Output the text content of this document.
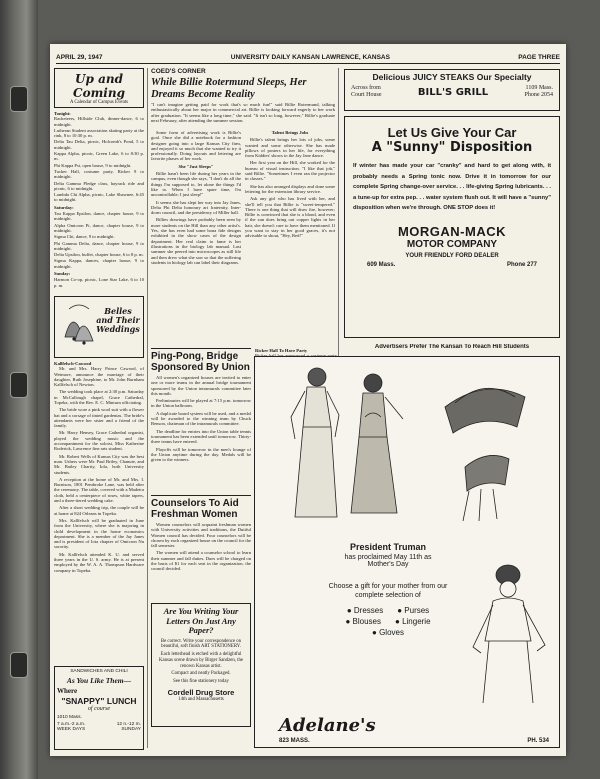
APRIL 29, 1947	UNIVERSITY DAILY KANSAN LAWRENCE, KANSAS	PAGE THREE
Up and Coming
A Calendar of Campus Events
Tonight:
Racketeers, Hillside Club, dinner-dance, 6 to midnight.
Lutheran Student association skating party at the rink, 8 to 10:30 p. m.
Delta Tau Delta, picnic, Holcomb's Pond, 5 to midnight.
Kappa Alpha, picnic, Green Lake, 6 to 8:30 p. m.
Phi Kappa Psi, open house, 9 to midnight.
Tucker Hall, costume party, Ricker 9 to midnight.
Delta Gamma Pledge class, hayrack ride and picnic, 6 to midnight.
Lambda Chi Alpha, picnic, Lake Shawnee, 6:45 to midnight.
Saturday:
Tau Kappa Epsilon, dance, chapter house, 9 to midnight.
Alpha Omicron Pi, dance, chapter house, 9 to midnight.
Sigma Chi, dance, 9 to midnight.
Phi Gamma Delta, dance, chapter house, 9 to midnight.
Delta Upsilon, buffet, chapter house, 6 to 8 p. m.
Sigma Kappa, dances, chapter house, 9 to midnight.
Sunday:
Harmon Co-op, picnic, Lone Star Lake, 6 to 10 p. m.
Belles and Their Weddings
Kallfelsch-Cawood
Mr. and Mrs. Harry Prince Cawood, of Wetmore, announce the marriage of their daughter, Ruth Josephine, to Mr. John Burnham Kallfelsch of Newton.
The wedding took place at 2:30 p.m. Saturday in McCullough chapel, Grace Cathedral, Topeka, with the Rev. E. C. Minturn officiating.
The bride wore a pink wool suit with a flower hat and a corsage of tinted gardenias. The bride's attendants were her sister and a friend of the family.
Mr. Harry Hensey, Grace Cathedral organist, played the wedding music and the accompaniment for the soloist, Miss Katherine Roderick, Lawrence fine arts student.
Mr. Robert Wells of Kansas City was the best man. Ushers were Mr. Paul Briley, Chanute, and Mr. Bailey Charity, Iola, both University students.
A reception at the home of Mr. and Mrs. I. Burnison, 1801 Pembroke Lane, was held after the ceremony. The table, covered with a Madeira cloth, held a centerpiece of roses, white tapers, and a three-tiered wedding cake.
After a short wedding trip, the couple will be at home at 824 Orleans in Topeka.
Mrs. Kallfelsch will be graduated in June from the University, where she is majoring in child development in the home economics department. She is a member of the Jay Janes and is president of Iota chapter of Omicron Nu sorority.
Mr. Kallfelsch attended K. U. and served three years in the U. S. army. He is at present employed by the W. A. A. Thompson Hardware company in Topeka.
SANDWICHES AND CHILI
As You Like Them—
Where
"SNAPPY" LUNCH
of course
1010 Mass.
7 a.m.-2 a.m.
WEEK DAYS
12 n.-12 m.
SUNDAY
COED'S CORNER
While Billie Rotermund Sleeps, Her Dreams Become Reality
"I can't imagine getting paid for work that's so much fun!" said Billie Rotermund, talking enthusiastically about her major in commercial art. Billie is looking forward eagerly to her work after graduation. "It seems like a long time," she said. "It isn't so long, however," Billie's graduate next February, after attending the summer session.
Some form of advertising work is Billie's goal. Once she did a notebook for a fashion designer going into a large Kansas City firm, and enjoyed it so much that she wanted to try it professionally. Doing layouts and lettering are favorite phases of her work.
She "Just Sleeps"
Billie hasn't been life during her years in the campus, even though she says, "I don't do all the things I'm supposed to, let alone the things I'd like to. When I have spare time, I'm uncontrollable; I just sleep!"
It seems she has slept her way into Jay Janes, Delta Phi Delta honorary art fraternity, Inter-dorm council, and the presidency of Miller hall.
Billies drawings have probably been seen by more students on the Hill than any other artist's. Yes, she has even had some bona fide designs exhibited in the show cases of the design department. Her real claim to fame is her illustrations in the biology lab manual. Last summer she peered into microscopes as still life and then drew what she saw so that the suffering students in biology lab can label their diagrams.
Talent Brings Jobs
Billie's talent brings her lots of jobs, some wanted and some otherwise. She has made pillows of posters in her life, for everything from Kiddies' shows to the Jay Jane dance.
Her first year on the Hill, she worked for the bureau of visual instruction. "I like that job," said Billie. "Sometimes I even ran the projector in classes."
She has also arranged displays and done some lettering for the extension library service.
Ask any girl who has lived with her, and she'll tell you that Billie is "sweet-tempered." There is one thing that will draw fire, however; Billie is convinced that she is a blond, and even if the sun does bring out copper lights in her hair, she doesn't care to have them mentioned. If you want to stay in her good graces, it's not advisable to shout, "Hey, Red!"
Ping-Pong, Bridge Sponsored By Union
All women's organized houses are invited to enter one or more teams in the annual bridge tournament sponsored by the Union intramurals committee later this month.
Preliminaries will be played at 7:15 p.m. tomorrow in the Union ballroom.
A duplicate board system will be used, and a medal will be awarded to the winning team by Chuck Benson, chairman of the intramurals committee.
The deadline for entries into the Union table tennis tournament has been extended until tomorrow. Thirty-three teams have entered.
Playoffs will be tomorrow in the men's lounge of the Union anytime during the day. Medals will be given to the winners.
Counselors To Aid Freshman Women
Women counselors will acquaint freshman women with University activities and traditions, the Dutiful Women council has decided. Four counselors will be chosen by each organized house on the council for the fall semester.
The women will attend a counselor school to learn their summer and fall duties. Dues will be charged on the basis of $1 for each seat in the organization, the council decided.
Are You Writing Your Letters On Just Any Paper?
Be correct. Write your correspondence on beautiful, soft finish ART STATIONERY.
Each letterhead is etched with a delightful Kansas scene drawn by Birger Sandzen, the renown Kansas artist.
Compact and neatly Packaged.
See this fine stationery today
Cordell Drug Store
14th and Massachusetts
Ricker Hall To Have Party
Delicious JUICY STEAKS Our Specialty
Across from
Court House	BILL'S GRILL	1109 Mass.
Phone 2054
Let Us Give Your Car
A "Sunny" Disposition
If winter has made your car "cranky" and hard to get along with, it probably needs a Spring tonic now. Drive it in tomorrow for our complete Spring change-over service. . . life-giving Spring lubricants. . . a tune-up for extra pep. . . water system flush out. It will have a "sunny" disposition when we're through. ONE STOP does it!
MORGAN-MACK
MOTOR COMPANY
YOUR FRIENDLY FORD DEALER
609 Mass.	Phone 277
Advertisers Prefer The Kansan To Reach Hill Students
President Truman
has proclaimed May 11th as
Mother's Day
Choose a gift for your mother from our complete selection of
● Dresses ● Purses
● Blouses ● Lingerie
● Gloves
Adelane's
823 MASS.	PH. 534
